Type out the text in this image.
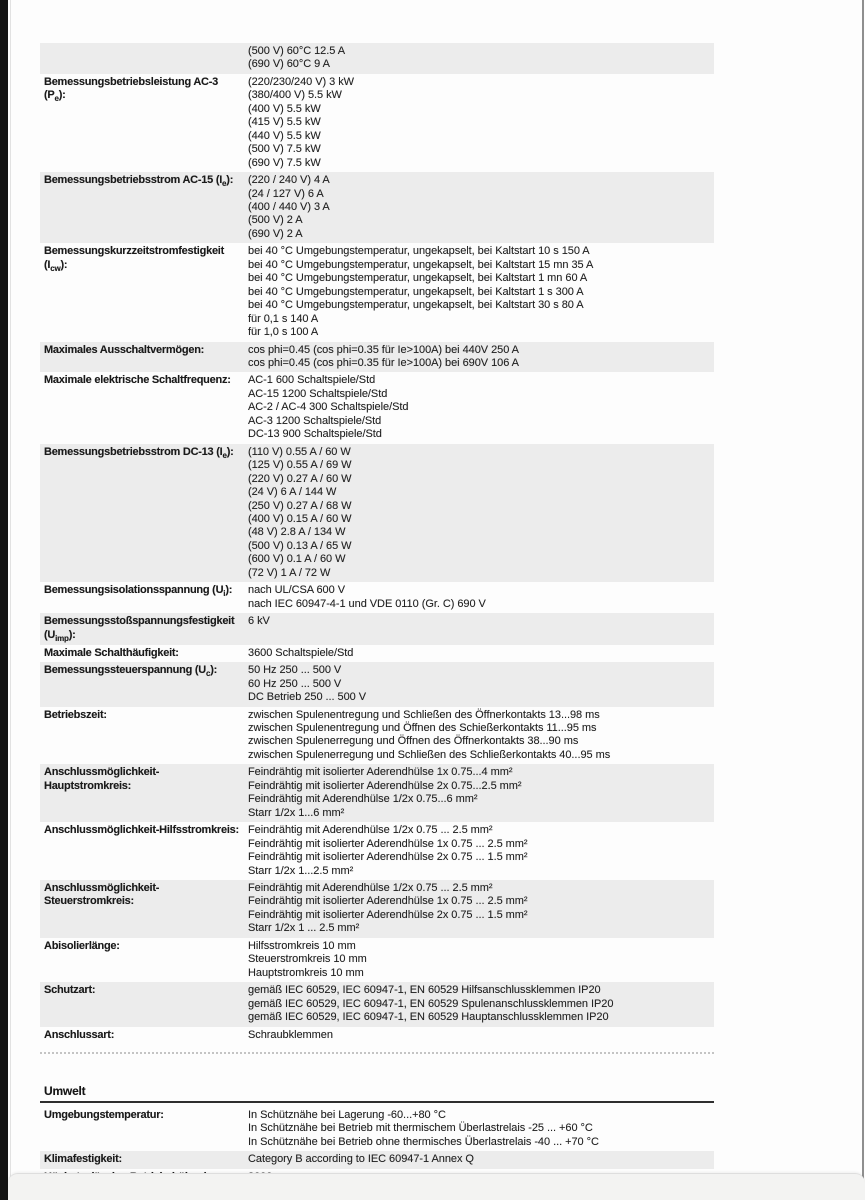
(500 V) 60°C 12.5 A
(690 V) 60°C 9 A
Bemessungsbetriebsleistung AC-3 $(P_e)$:
(220/230/240 V) 3 kW
(380/400 V) 5.5 kW
(400 V) 5.5 kW
(415 V) 5.5 kW
(440 V) 5.5 kW
(500 V) 7.5 kW
(690 V) 7.5 kW
Bemessungsbetriebsstrom AC-15 $(I_e)$:	(220 / 240 V) 4 A
(24 / 127 V) 6 A
(400 / 440 V) 3 A
(500 V) 2 A
(690 V) 2 A
Bemessungskurzzeitstromfestigkeit $(I_{cw})$:
bei 40 °C Umgebungstemperatur, ungekapselt, bei Kaltstart 10 s 150 A
bei 40 °C Umgebungstemperatur, ungekapselt, bei Kaltstart 15 mn 35 A
bei 40 °C Umgebungstemperatur, ungekapselt, bei Kaltstart 1 mn 60 A
bei 40 °C Umgebungstemperatur, ungekapselt, bei Kaltstart 1 s 300 A
bei 40 °C Umgebungstemperatur, ungekapselt, bei Kaltstart 30 s 80 A
für 0,1 s 140 A
für 1,0 s 100 A
Maximales Ausschaltvermögen:	cos phi=0.45 (cos phi=0.35 für Ie>100A) bei 440V 250 A
cos phi=0.45 (cos phi=0.35 für Ie>100A) bei 690V 106 A
Maximale elektrische Schaltfrequenz:	AC-1 600 Schaltspiele/Std
AC-15 1200 Schaltspiele/Std
AC-2 / AC-4 300 Schaltspiele/Std
AC-3 1200 Schaltspiele/Std
DC-13 900 Schaltspiele/Std
Bemessungsbetriebsstrom DC-13 $(I_e)$:	(110 V) 0.55 A / 60 W
(125 V) 0.55 A / 69 W
(220 V) 0.27 A / 60 W
(24 V) 6 A / 144 W
(250 V) 0.27 A / 68 W
(400 V) 0.15 A / 60 W
(48 V) 2.8 A / 134 W
(500 V) 0.13 A / 65 W
(600 V) 0.1 A / 60 W
(72 V) 1 A / 72 W
Bemessungsisolationsspannung $(U_i)$:	nach UL/CSA 600 V
nach IEC 60947-4-1 und VDE 0110 (Gr. C) 690 V
Bemessungsstoßspannungsfestigkeit $(U_{imp})$:
6 kV
Maximale Schalthäufigkeit:	3600 Schaltspiele/Std
Bemessungssteuerspannung $(U_c)$:	50 Hz 250 ... 500 V
60 Hz 250 ... 500 V
DC Betrieb 250 ... 500 V
Betriebszeit:	zwischen Spulenentregung und Schließen des Öffnerkontakts 13...98 ms
zwischen Spulenentregung und Öffnen des Schießerkontakts 11...95 ms
zwischen Spulenerregung und Öffnen des Öffnerkontakts 38...90 ms
zwischen Spulenerregung und Schließen des Schließerkontakts 40...95 ms
Anschlussmöglichkeit-Hauptstromkreis:
Feindrähtig mit isolierter Aderendhülse 1x 0.75...4 mm²
Feindrähtig mit isolierter Aderendhülse 2x 0.75...2.5 mm²
Feindrähtig mit Aderendhülse 1/2x 0.75...6 mm²
Starr 1/2x 1...6 mm²
Anschlussmöglichkeit-Hilfsstromkreis: Feindrähtig mit Aderendhülse 1/2x 0.75 ... 2.5 mm²
Feindrähtig mit isolierter Aderendhülse 1x 0.75 ... 2.5 mm²
Feindrähtig mit isolierter Aderendhülse 2x 0.75 ... 1.5 mm²
Starr 1/2x 1...2.5 mm²
Anschlussmöglichkeit-Steuerstromkreis:
Feindrähtig mit Aderendhülse 1/2x 0.75 ... 2.5 mm²
Feindrähtig mit isolierter Aderendhülse 1x 0.75 ... 2.5 mm²
Feindrähtig mit isolierter Aderendhülse 2x 0.75 ... 1.5 mm²
Starr 1/2x 1 ... 2.5 mm²
Abisolierlänge:	Hilfsstromkreis 10 mm
Steuerstromkreis 10 mm
Hauptstromkreis 10 mm
Schutzart:	gemäß IEC 60529, IEC 60947-1, EN 60529 Hilfsanschlussklemmen IP20
gemäß IEC 60529, IEC 60947-1, EN 60529 Spulenanschlussklemmen IP20
gemäß IEC 60529, IEC 60947-1, EN 60529 Hauptanschlussklemmen IP20
Anschlussart:	Schraubklemmen
Umwelt
Umgebungstemperatur:	In Schütznähe bei Lagerung -60...+80 °C
In Schütznähe bei Betrieb mit thermischem Überlastrelais -25 ... +60 °C
In Schütznähe bei Betrieb ohne thermisches Überlastrelais -40 ... +70 °C
Klimafestigkeit:	Category B according to IEC 60947-1 Annex Q
